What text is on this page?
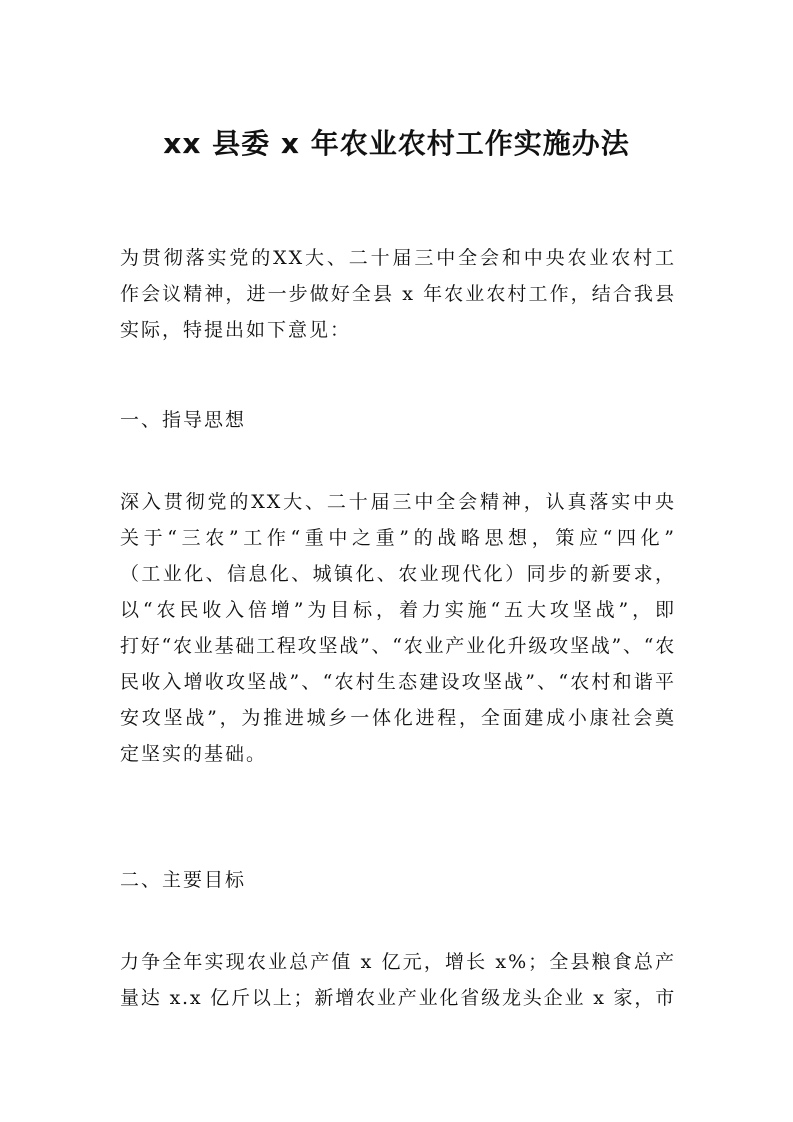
xx 县委 x 年农业农村工作实施办法
为贯彻落实党的XX大、二十届三中全会和中央农业农村工
作会议精神，进一步做好全县 x 年农业农村工作，结合我县
实际，特提出如下意见：
一、指导思想
深入贯彻党的XX大、二十届三中全会精神，认真落实中央
关于“三农”工作“重中之重”的战略思想，策应“四化”
（工业化、信息化、城镇化、农业现代化）同步的新要求，
以“农民收入倍增”为目标，着力实施“五大攻坚战”，即
打好“农业基础工程攻坚战”、“农业产业化升级攻坚战”、“农
民收入增收攻坚战”、“农村生态建设攻坚战”、“农村和谐平
安攻坚战”，为推进城乡一体化进程，全面建成小康社会奠
定坚实的基础。
二、主要目标
力争全年实现农业总产值 x 亿元，增长 x%；全县粮食总产
量达 x.x 亿斤以上；新增农业产业化省级龙头企业 x 家，市
